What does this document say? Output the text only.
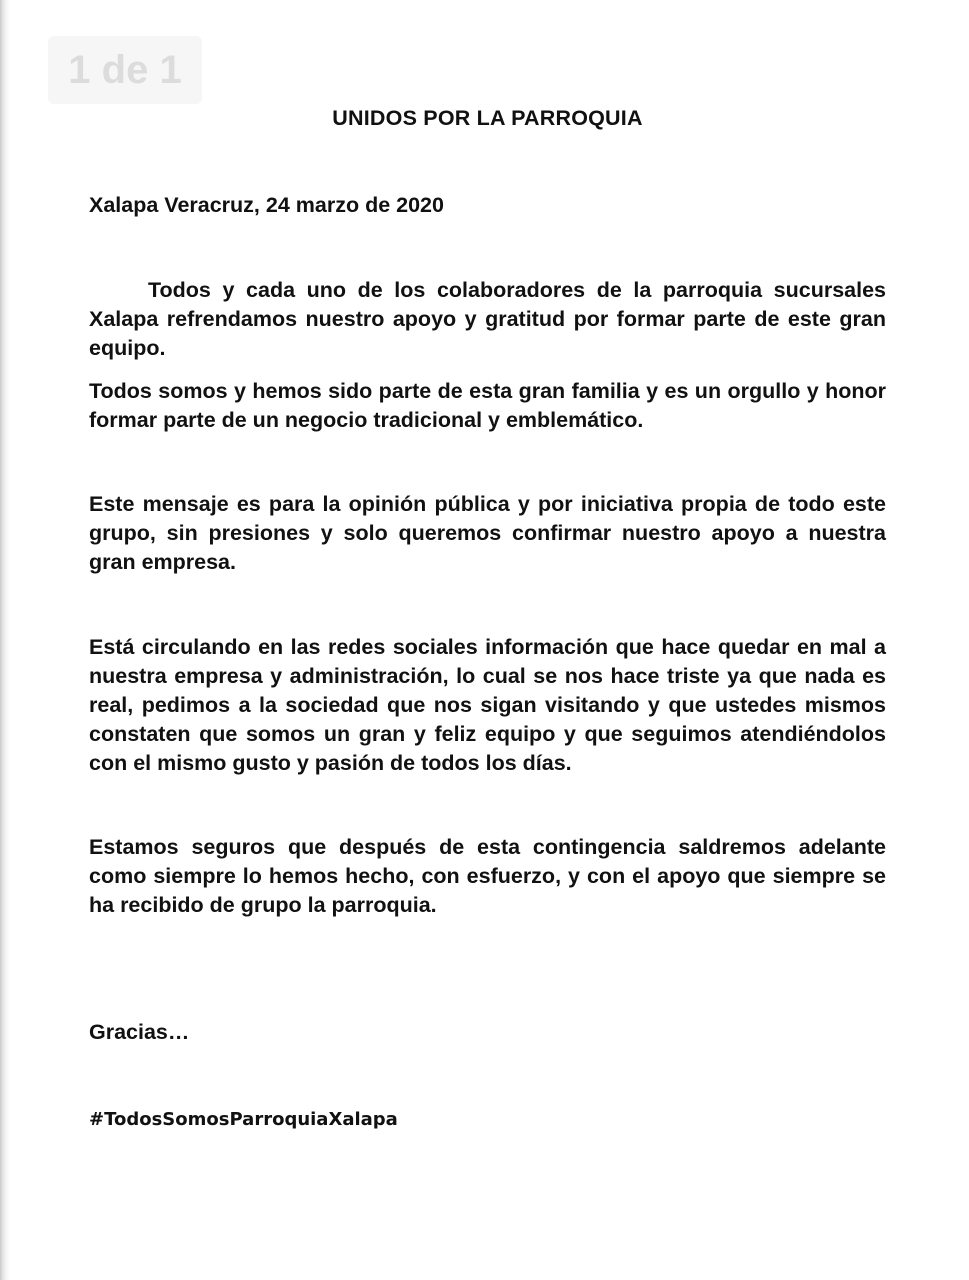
1 de 1
UNIDOS POR LA PARROQUIA
Xalapa Veracruz, 24 marzo de 2020
Todos y cada uno de los colaboradores de la parroquia sucursales Xalapa refrendamos nuestro apoyo y gratitud por formar parte de este gran equipo.
Todos somos y hemos sido parte de esta gran familia y es un orgullo y honor formar parte de un negocio tradicional y emblemático.
Este mensaje es para la opinión pública y por iniciativa propia de todo este grupo, sin presiones y solo queremos confirmar nuestro apoyo a nuestra gran empresa.
Está circulando en las redes sociales información que hace quedar en mal a nuestra empresa y administración, lo cual se nos hace triste ya que nada es real, pedimos a la sociedad que nos sigan visitando y que ustedes mismos constaten que somos un gran y feliz equipo y que seguimos atendiéndolos con el mismo gusto y pasión de todos los días.
Estamos seguros que después de esta contingencia saldremos adelante como siempre lo hemos hecho, con esfuerzo, y con el apoyo que siempre se ha recibido de grupo la parroquia.
Gracias…
#TodosSomosParroquiaXalapa
